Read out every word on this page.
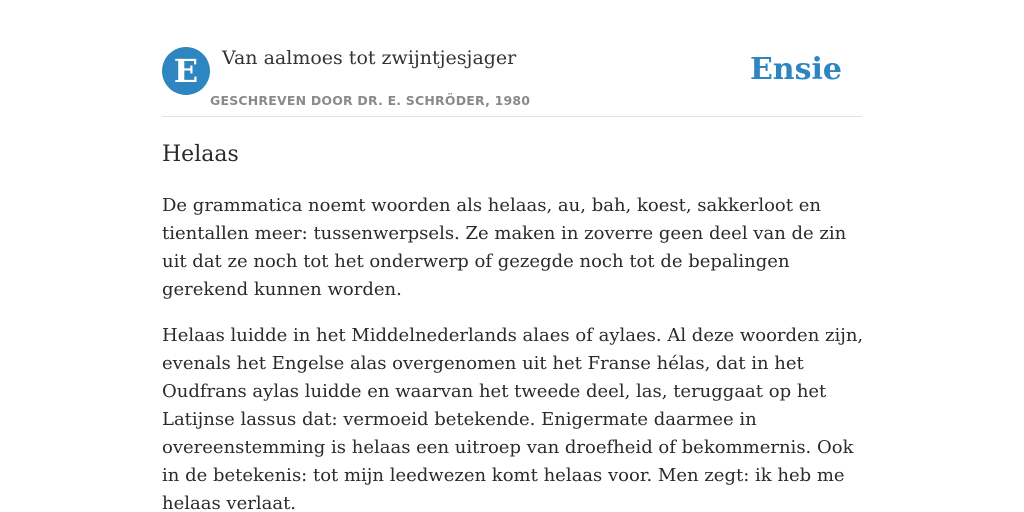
E	Van aalmoes tot zwijntjesjager
GESCHREVEN DOOR DR. E. SCHRÖDER, 1980
Ensie
Helaas

De grammatica noemt woorden als helaas, au, bah, koest, sakkerloot en tientallen meer: tussenwerpsels. Ze maken in zoverre geen deel van de zin uit dat ze noch tot het onderwerp of gezegde noch tot de bepalingen gerekend kunnen worden.

Helaas luidde in het Middelnederlands alaes of aylaes. Al deze woorden zijn, evenals het Engelse alas overgenomen uit het Franse hélas, dat in het Oudfrans aylas luidde en waarvan het tweede deel, las, teruggaat op het Latijnse lassus dat: vermoeid betekende. Enigermate daarmee in overeenstemming is helaas een uitroep van droefheid of bekommernis. Ook in de betekenis: tot mijn leedwezen komt helaas voor. Men zegt: ik heb me helaas verlaat.
